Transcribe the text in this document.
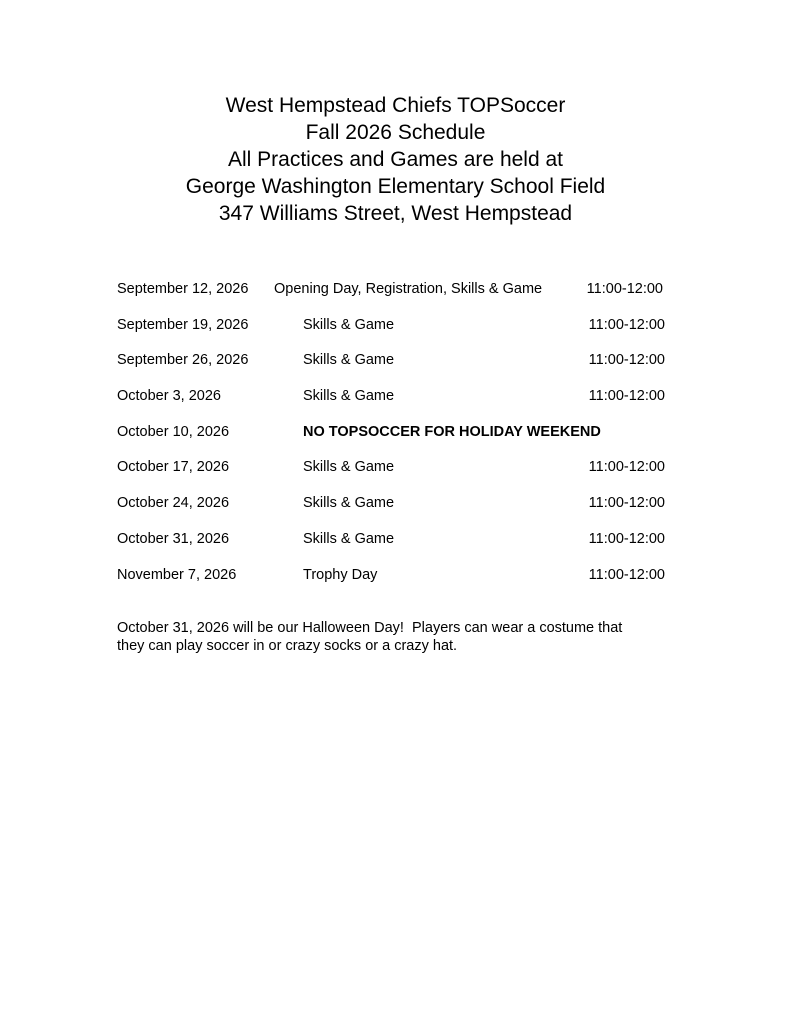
West Hempstead Chiefs TOPSoccer
Fall 2026 Schedule
All Practices and Games are held at
George Washington Elementary School Field
347 Williams Street, West Hempstead
September 12, 2026 Opening Day, Registration, Skills & Game	11:00-12:00
September 19, 2026	Skills & Game	11:00-12:00
September 26, 2026	Skills & Game	11:00-12:00
October 3, 2026	Skills & Game	11:00-12:00
October 10, 2026	NO TOPSOCCER FOR HOLIDAY WEEKEND
October 17, 2026	Skills & Game	11:00-12:00
October 24, 2026	Skills & Game	11:00-12:00
October 31, 2026	Skills & Game	11:00-12:00
November 7, 2026	Trophy Day	11:00-12:00
October 31, 2026 will be our Halloween Day!  Players can wear a costume that
they can play soccer in or crazy socks or a crazy hat.
